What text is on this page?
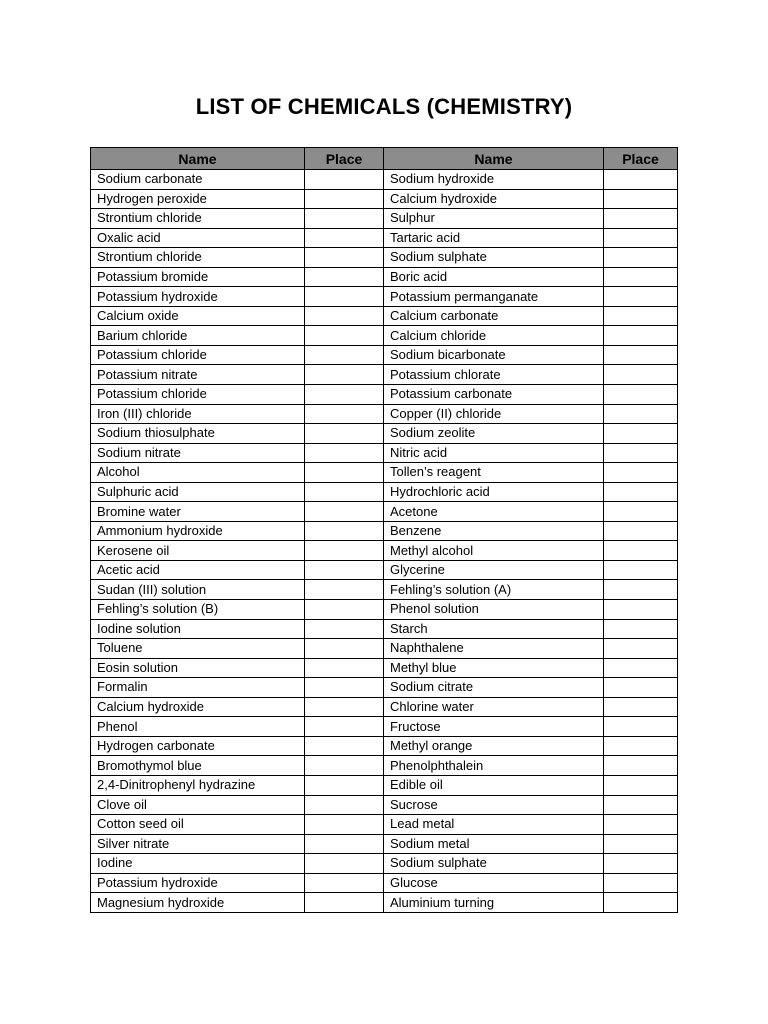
LIST OF CHEMICALS (CHEMISTRY)
Name	Place	Name	Place
Sodium carbonate		Sodium hydroxide	
Hydrogen peroxide		Calcium hydroxide	
Strontium chloride		Sulphur	
Oxalic acid		Tartaric acid	
Strontium chloride		Sodium sulphate	
Potassium bromide		Boric acid	
Potassium hydroxide		Potassium permanganate	
Calcium oxide		Calcium carbonate	
Barium chloride		Calcium chloride	
Potassium chloride		Sodium bicarbonate	
Potassium nitrate		Potassium chlorate	
Potassium chloride		Potassium carbonate	
Iron (III) chloride		Copper (II) chloride	
Sodium thiosulphate		Sodium zeolite	
Sodium nitrate		Nitric acid	
Alcohol		Tollen’s reagent	
Sulphuric acid		Hydrochloric acid	
Bromine water		Acetone	
Ammonium hydroxide		Benzene	
Kerosene oil		Methyl alcohol	
Acetic acid		Glycerine	
Sudan (III) solution		Fehling’s solution (A)	
Fehling’s solution (B)		Phenol solution	
Iodine solution		Starch	
Toluene		Naphthalene	
Eosin solution		Methyl blue	
Formalin		Sodium citrate	
Calcium hydroxide		Chlorine water	
Phenol		Fructose	
Hydrogen carbonate		Methyl orange	
Bromothymol blue		Phenolphthalein	
2,4-Dinitrophenyl hydrazine		Edible oil	
Clove oil		Sucrose	
Cotton seed oil		Lead metal	
Silver nitrate		Sodium metal	
Iodine		Sodium sulphate	
Potassium hydroxide		Glucose	
Magnesium hydroxide		Aluminium turning	
